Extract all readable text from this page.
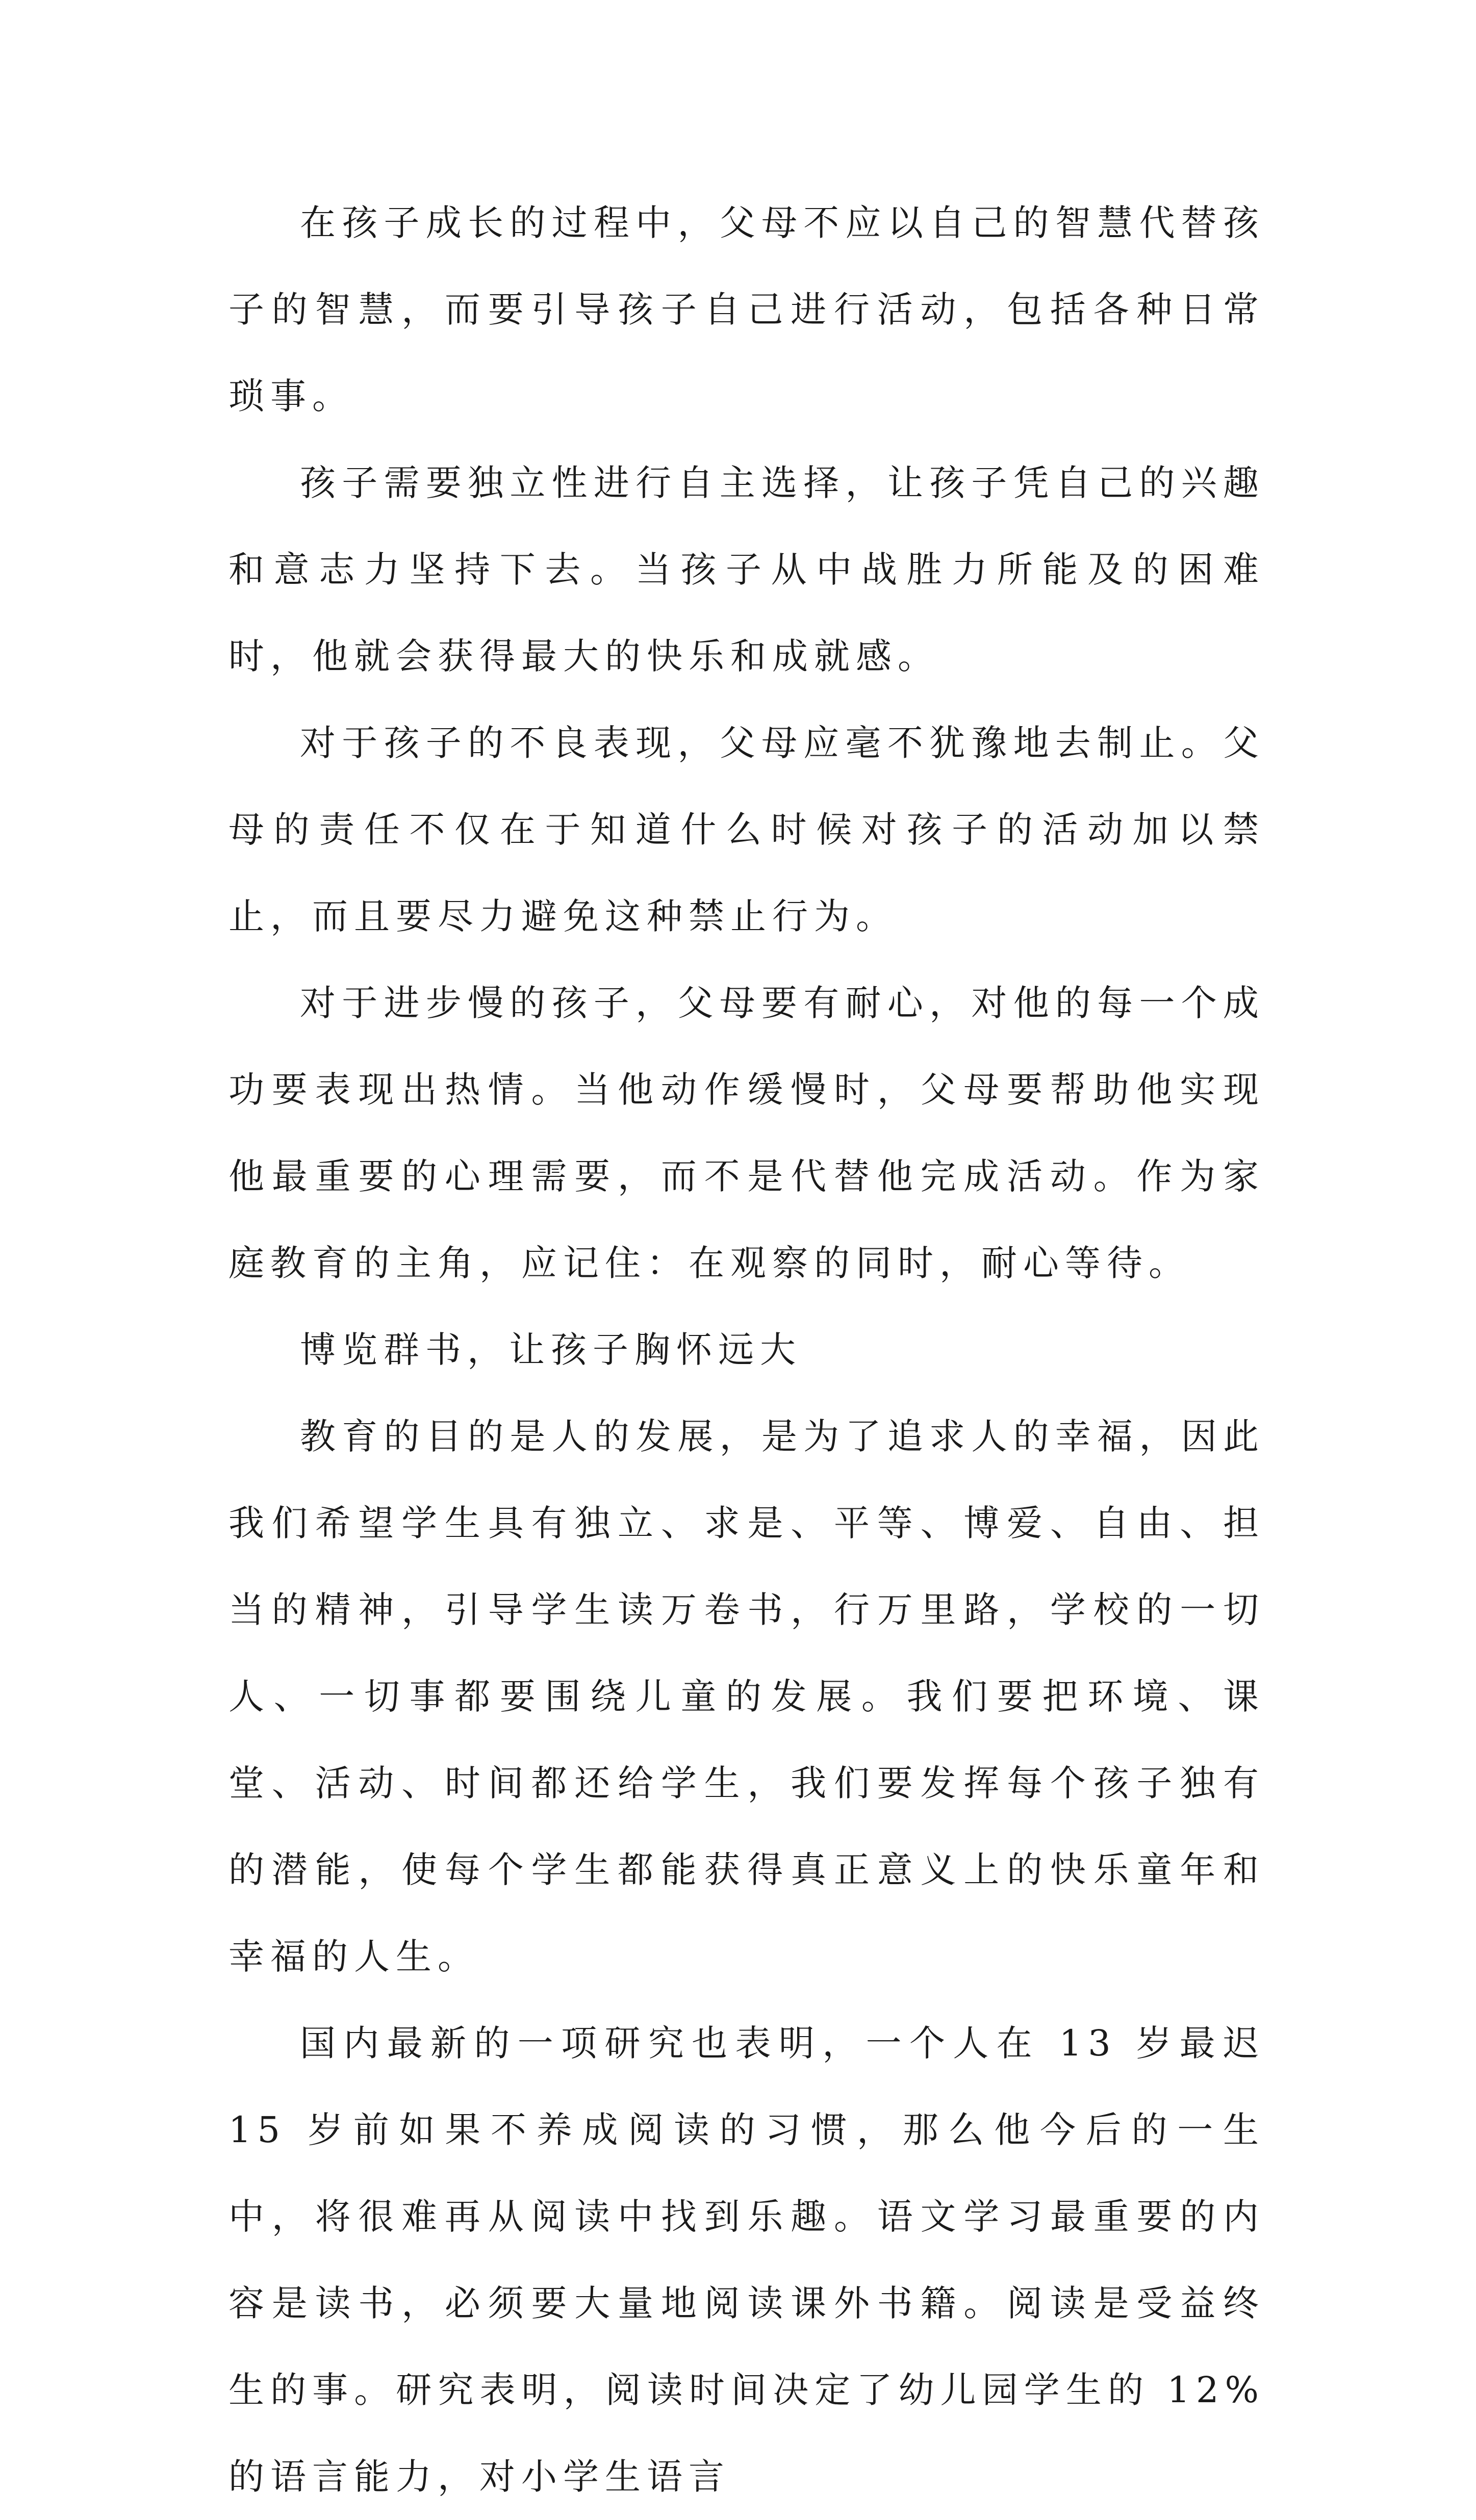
在孩子成长的过程中，父母不应以自己的智慧代替孩子的智慧，而要引导孩子自己进行活动，包括各种日常琐事。

孩子需要独立性进行自主选择，让孩子凭自己的兴趣和意志力坚持下去。当孩子从中战胜力所能及的困难时，他就会获得最大的快乐和成就感。

对于孩子的不良表现，父母应毫不犹豫地去制止。父母的责任不仅在于知道什么时候对孩子的活动加以禁止，而且要尽力避免这种禁止行为。

对于进步慢的孩子，父母要有耐心，对他的每一个成功要表现出热情。当他动作缓慢时，父母要帮助他实现他最重要的心理需要，而不是代替他完成活动。作为家庭教育的主角，应记住：在观察的同时，耐心等待。

博览群书，让孩子胸怀远大

教育的目的是人的发展，是为了追求人的幸福，因此我们希望学生具有独立、求是、平等、博爱、自由、担当的精神，引导学生读万卷书，行万里路，学校的一切人、一切事都要围绕儿童的发展。我们要把环境、课堂、活动、时间都还给学生，我们要发挥每个孩子独有的潜能，使每个学生都能获得真正意义上的快乐童年和幸福的人生。

国内最新的一项研究也表明，一个人在 13 岁最迟 15 岁前如果不养成阅读的习惯，那么他今后的一生中，将很难再从阅读中找到乐趣。语文学习最重要的内容是读书，必须要大量地阅读课外书籍。阅读是受益终生的事。研究表明，阅读时间决定了幼儿园学生的 12%的语言能力，对小学生语言
